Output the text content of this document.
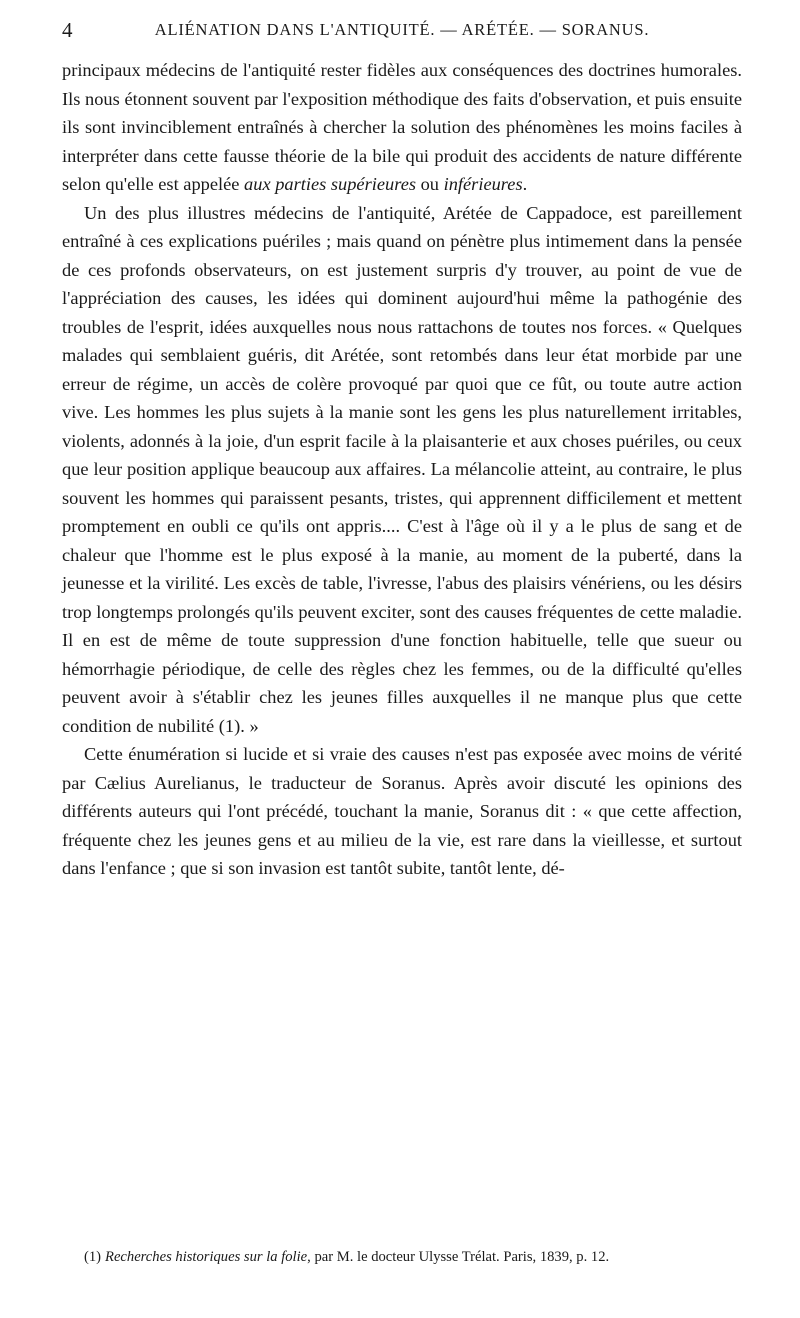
4	ALIÉNATION DANS L'ANTIQUITÉ. — ARÉTÉE. — SORANUS.

principaux médecins de l'antiquité rester fidèles aux conséquences des doctrines humorales. Ils nous étonnent souvent par l'exposition méthodique des faits d'observation, et puis ensuite ils sont invinciblement entraînés à chercher la solution des phénomènes les moins faciles à interpréter dans cette fausse théorie de la bile qui produit des accidents de nature différente selon qu'elle est appelée aux parties supérieures ou inférieures.

Un des plus illustres médecins de l'antiquité, Arétée de Cappadoce, est pareillement entraîné à ces explications puériles ; mais quand on pénètre plus intimement dans la pensée de ces profonds observateurs, on est justement surpris d'y trouver, au point de vue de l'appréciation des causes, les idées qui dominent aujourd'hui même la pathogénie des troubles de l'esprit, idées auxquelles nous nous rattachons de toutes nos forces. « Quelques malades qui semblaient guéris, dit Arétée, sont retombés dans leur état morbide par une erreur de régime, un accès de colère provoqué par quoi que ce fût, ou toute autre action vive. Les hommes les plus sujets à la manie sont les gens les plus naturellement irritables, violents, adonnés à la joie, d'un esprit facile à la plaisanterie et aux choses puériles, ou ceux que leur position applique beaucoup aux affaires. La mélancolie atteint, au contraire, le plus souvent les hommes qui paraissent pesants, tristes, qui apprennent difficilement et mettent promptement en oubli ce qu'ils ont appris.... C'est à l'âge où il y a le plus de sang et de chaleur que l'homme est le plus exposé à la manie, au moment de la puberté, dans la jeunesse et la virilité. Les excès de table, l'ivresse, l'abus des plaisirs vénériens, ou les désirs trop longtemps prolongés qu'ils peuvent exciter, sont des causes fréquentes de cette maladie. Il en est de même de toute suppression d'une fonction habituelle, telle que sueur ou hémorrhagie périodique, de celle des règles chez les femmes, ou de la difficulté qu'elles peuvent avoir à s'établir chez les jeunes filles auxquelles il ne manque plus que cette condition de nubilité (1). »

Cette énumération si lucide et si vraie des causes n'est pas exposée avec moins de vérité par Cælius Aurelianus, le traducteur de Soranus. Après avoir discuté les opinions des différents auteurs qui l'ont précédé, touchant la manie, Soranus dit : « que cette affection, fréquente chez les jeunes gens et au milieu de la vie, est rare dans la vieillesse, et surtout dans l'enfance ; que si son invasion est tantôt subite, tantôt lente, dé-

(1) Recherches historiques sur la folie, par M. le docteur Ulysse Trélat. Paris, 1839, p. 12.
